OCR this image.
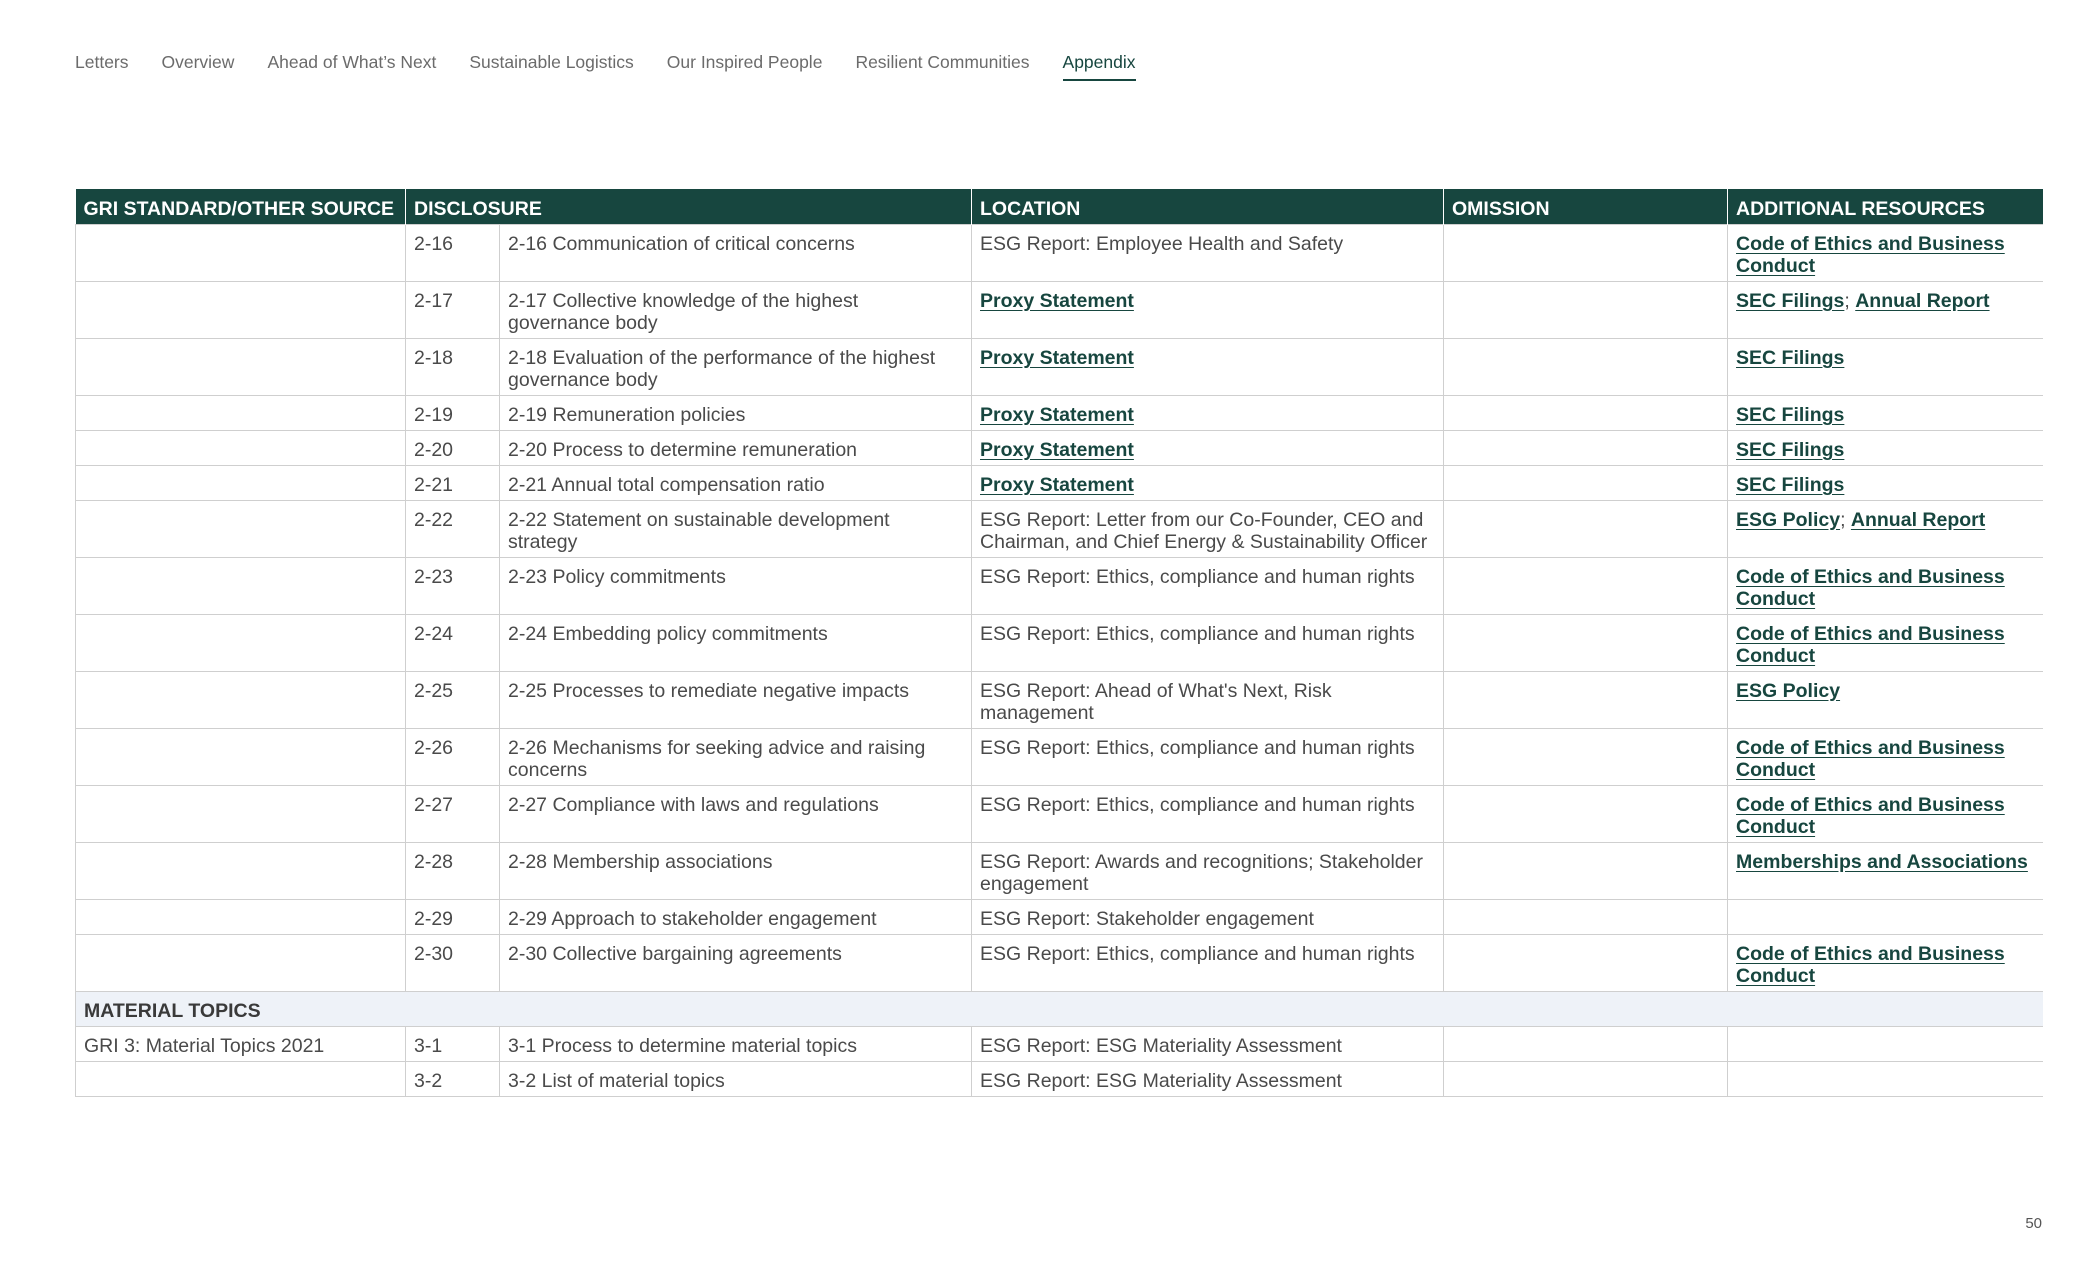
Letters Overview Ahead of What’s Next Sustainable Logistics Our Inspired People Resilient Communities Appendix
GRI STANDARD/OTHER SOURCE	DISCLOSURE		LOCATION	OMISSION	ADDITIONAL RESOURCES
	2-16	2-16 Communication of critical concerns	ESG Report: Employee Health and Safety		Code of Ethics and Business Conduct
	2-17	2-17 Collective knowledge of the highest governance body	Proxy Statement		SEC Filings; Annual Report
	2-18	2-18 Evaluation of the performance of the highest governance body	Proxy Statement		SEC Filings
	2-19	2-19 Remuneration policies	Proxy Statement		SEC Filings
	2-20	2-20 Process to determine remuneration	Proxy Statement		SEC Filings
	2-21	2-21 Annual total compensation ratio	Proxy Statement		SEC Filings
	2-22	2-22 Statement on sustainable development strategy	ESG Report: Letter from our Co-Founder, CEO and Chairman, and Chief Energy & Sustainability Officer		ESG Policy; Annual Report
	2-23	2-23 Policy commitments	ESG Report: Ethics, compliance and human rights		Code of Ethics and Business Conduct
	2-24	2-24 Embedding policy commitments	ESG Report: Ethics, compliance and human rights		Code of Ethics and Business Conduct
	2-25	2-25 Processes to remediate negative impacts	ESG Report: Ahead of What's Next, Risk management		ESG Policy
	2-26	2-26 Mechanisms for seeking advice and raising concerns	ESG Report: Ethics, compliance and human rights		Code of Ethics and Business Conduct
	2-27	2-27 Compliance with laws and regulations	ESG Report: Ethics, compliance and human rights		Code of Ethics and Business Conduct
	2-28	2-28 Membership associations	ESG Report: Awards and recognitions; Stakeholder engagement		Memberships and Associations
	2-29	2-29 Approach to stakeholder engagement	ESG Report: Stakeholder engagement		
	2-30	2-30 Collective bargaining agreements	ESG Report: Ethics, compliance and human rights		Code of Ethics and Business Conduct
MATERIAL TOPICS					
GRI 3: Material Topics 2021	3-1	3-1 Process to determine material topics	ESG Report: ESG Materiality Assessment		
	3-2	3-2 List of material topics	ESG Report: ESG Materiality Assessment		
50
